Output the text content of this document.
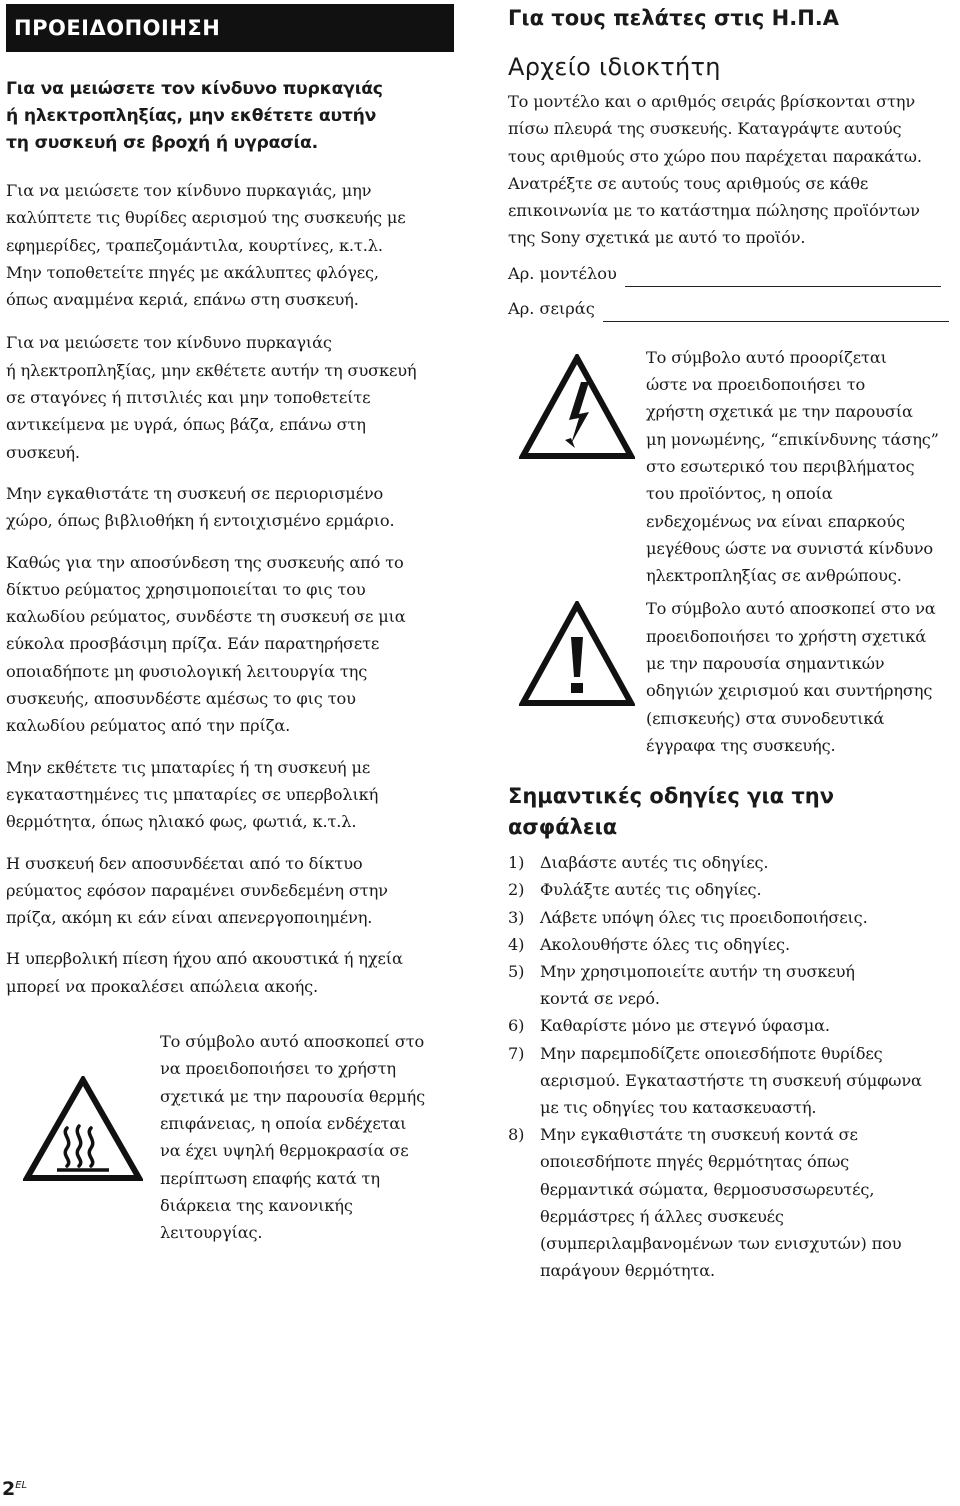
ΠΡΟΕΙΔΟΠΟΙΗΣΗ

Για να μειώσετε τον κίνδυνο πυρκαγιάς
ή ηλεκτροπληξίας, μην εκθέτετε αυτήν
τη συσκευή σε βροχή ή υγρασία.

Για να μειώσετε τον κίνδυνο πυρκαγιάς, μην
καλύπτετε τις θυρίδες αερισμού της συσκευής με
εφημερίδες, τραπεζομάντιλα, κουρτίνες, κ.τ.λ.
Μην τοποθετείτε πηγές με ακάλυπτες φλόγες,
όπως αναμμένα κεριά, επάνω στη συσκευή.

Για να μειώσετε τον κίνδυνο πυρκαγιάς
ή ηλεκτροπληξίας, μην εκθέτετε αυτήν τη συσκευή
σε σταγόνες ή πιτσιλιές και μην τοποθετείτε
αντικείμενα με υγρά, όπως βάζα, επάνω στη
συσκευή.

Μην εγκαθιστάτε τη συσκευή σε περιορισμένο
χώρο, όπως βιβλιοθήκη ή εντοιχισμένο ερμάριο.

Καθώς για την αποσύνδεση της συσκευής από το
δίκτυο ρεύματος χρησιμοποιείται το φις του
καλωδίου ρεύματος, συνδέστε τη συσκευή σε μια
εύκολα προσβάσιμη πρίζα. Εάν παρατηρήσετε
οποιαδήποτε μη φυσιολογική λειτουργία της
συσκευής, αποσυνδέστε αμέσως το φις του
καλωδίου ρεύματος από την πρίζα.

Μην εκθέτετε τις μπαταρίες ή τη συσκευή με
εγκαταστημένες τις μπαταρίες σε υπερβολική
θερμότητα, όπως ηλιακό φως, φωτιά, κ.τ.λ.

Η συσκευή δεν αποσυνδέεται από το δίκτυο
ρεύματος εφόσον παραμένει συνδεδεμένη στην
πρίζα, ακόμη κι εάν είναι απενεργοποιημένη.

Η υπερβολική πίεση ήχου από ακουστικά ή ηχεία
μπορεί να προκαλέσει απώλεια ακοής.

Το σύμβολο αυτό αποσκοπεί στο
να προειδοποιήσει το χρήστη
σχετικά με την παρουσία θερμής
επιφάνειας, η οποία ενδέχεται
να έχει υψηλή θερμοκρασία σε
περίπτωση επαφής κατά τη
διάρκεια της κανονικής
λειτουργίας.

Για τους πελάτες στις Η.Π.Α
Αρχείο ιδιοκτήτη

Το μοντέλο και ο αριθμός σειράς βρίσκονται στην
πίσω πλευρά της συσκευής. Καταγράψτε αυτούς
τους αριθμούς στο χώρο που παρέχεται παρακάτω.
Ανατρέξτε σε αυτούς τους αριθμούς σε κάθε
επικοινωνία με το κατάστημα πώλησης προϊόντων
της Sony σχετικά με αυτό το προϊόν.

Αρ. μοντέλου
Αρ. σειράς

Το σύμβολο αυτό προορίζεται
ώστε να προειδοποιήσει το
χρήστη σχετικά με την παρουσία
μη μονωμένης, “επικίνδυνης τάσης”
στο εσωτερικό του περιβλήματος
του προϊόντος, η οποία
ενδεχομένως να είναι επαρκούς
μεγέθους ώστε να συνιστά κίνδυνο
ηλεκτροπληξίας σε ανθρώπους.

Το σύμβολο αυτό αποσκοπεί στο να
προειδοποιήσει το χρήστη σχετικά
με την παρουσία σημαντικών
οδηγιών χειρισμού και συντήρησης
(επισκευής) στα συνοδευτικά
έγγραφα της συσκευής.

Σημαντικές οδηγίες για την
ασφάλεια
1) Διαβάστε αυτές τις οδηγίες.
2) Φυλάξτε αυτές τις οδηγίες.
3) Λάβετε υπόψη όλες τις προειδοποιήσεις.
4) Ακολουθήστε όλες τις οδηγίες.
5) Μην χρησιμοποιείτε αυτήν τη συσκευή
κοντά σε νερό.
6) Καθαρίστε μόνο με στεγνό ύφασμα.
7) Μην παρεμποδίζετε οποιεσδήποτε θυρίδες
αερισμού. Εγκαταστήστε τη συσκευή σύμφωνα
με τις οδηγίες του κατασκευαστή.
8) Μην εγκαθιστάτε τη συσκευή κοντά σε
οποιεσδήποτε πηγές θερμότητας όπως
θερμαντικά σώματα, θερμοσυσσωρευτές,
θερμάστρες ή άλλες συσκευές
(συμπεριλαμβανομένων των ενισχυτών) που
παράγουν θερμότητα.
$2^{EL}$
